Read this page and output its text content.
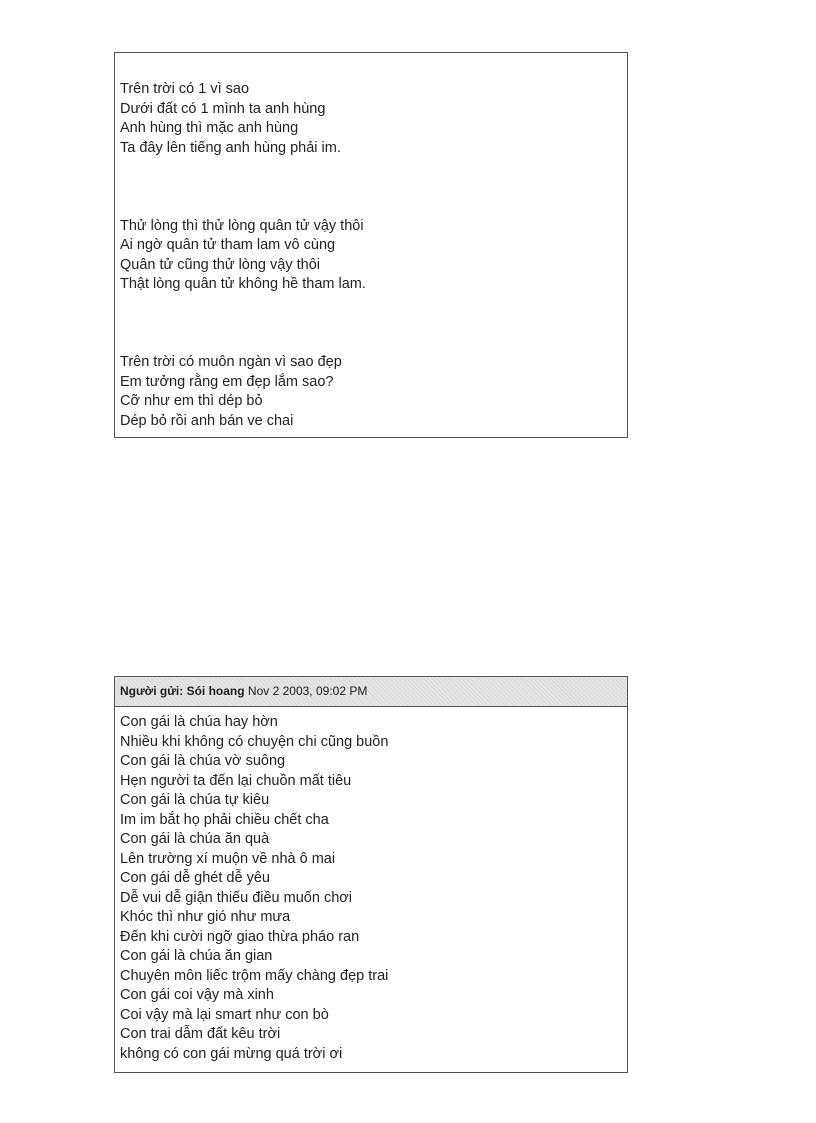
Trên trời có 1 vì sao
Dưới đất có 1 mình ta anh hùng
Anh hùng thì mặc anh hùng
Ta đây lên tiếng anh hùng phải im.
Thử lòng thì thử lòng quân tử vậy thôi
Ai ngờ quân tử tham lam vô cùng
Quân tử cũng thử lòng vậy thôi
Thật lòng quân tử không hề tham lam.
Trên trời có muôn ngàn vì sao đẹp
Em tưởng rằng em đẹp lắm sao?
Cỡ như em thì dép bỏ
Dép bỏ rồi anh bán ve chai
Người gửi: Sói hoang Nov 2 2003, 09:02 PM
Con gái là chúa hay hờn
Nhiều khi không có chuyện chi cũng buồn
Con gái là chúa vờ suông
Hẹn người ta đến lại chuồn mất tiêu
Con gái là chúa tự kiêu
Im im bắt họ phải chiều chết cha
Con gái là chúa ăn quà
Lên trường xí muộn về nhà ô mai
Con gái dễ ghét dễ yêu
Dễ vui dễ giận thiếu điều muốn chơi
Khóc thì như gió như mưa
Đến khi cười ngỡ giao thừa pháo ran
Con gái là chúa ăn gian
Chuyên môn liếc trộm mấy chàng đẹp trai
Con gái coi vậy mà xinh
Coi vậy mà lại smart như con bò
Con trai dẫm đất kêu trời
không có con gái mừng quá trời ơi
